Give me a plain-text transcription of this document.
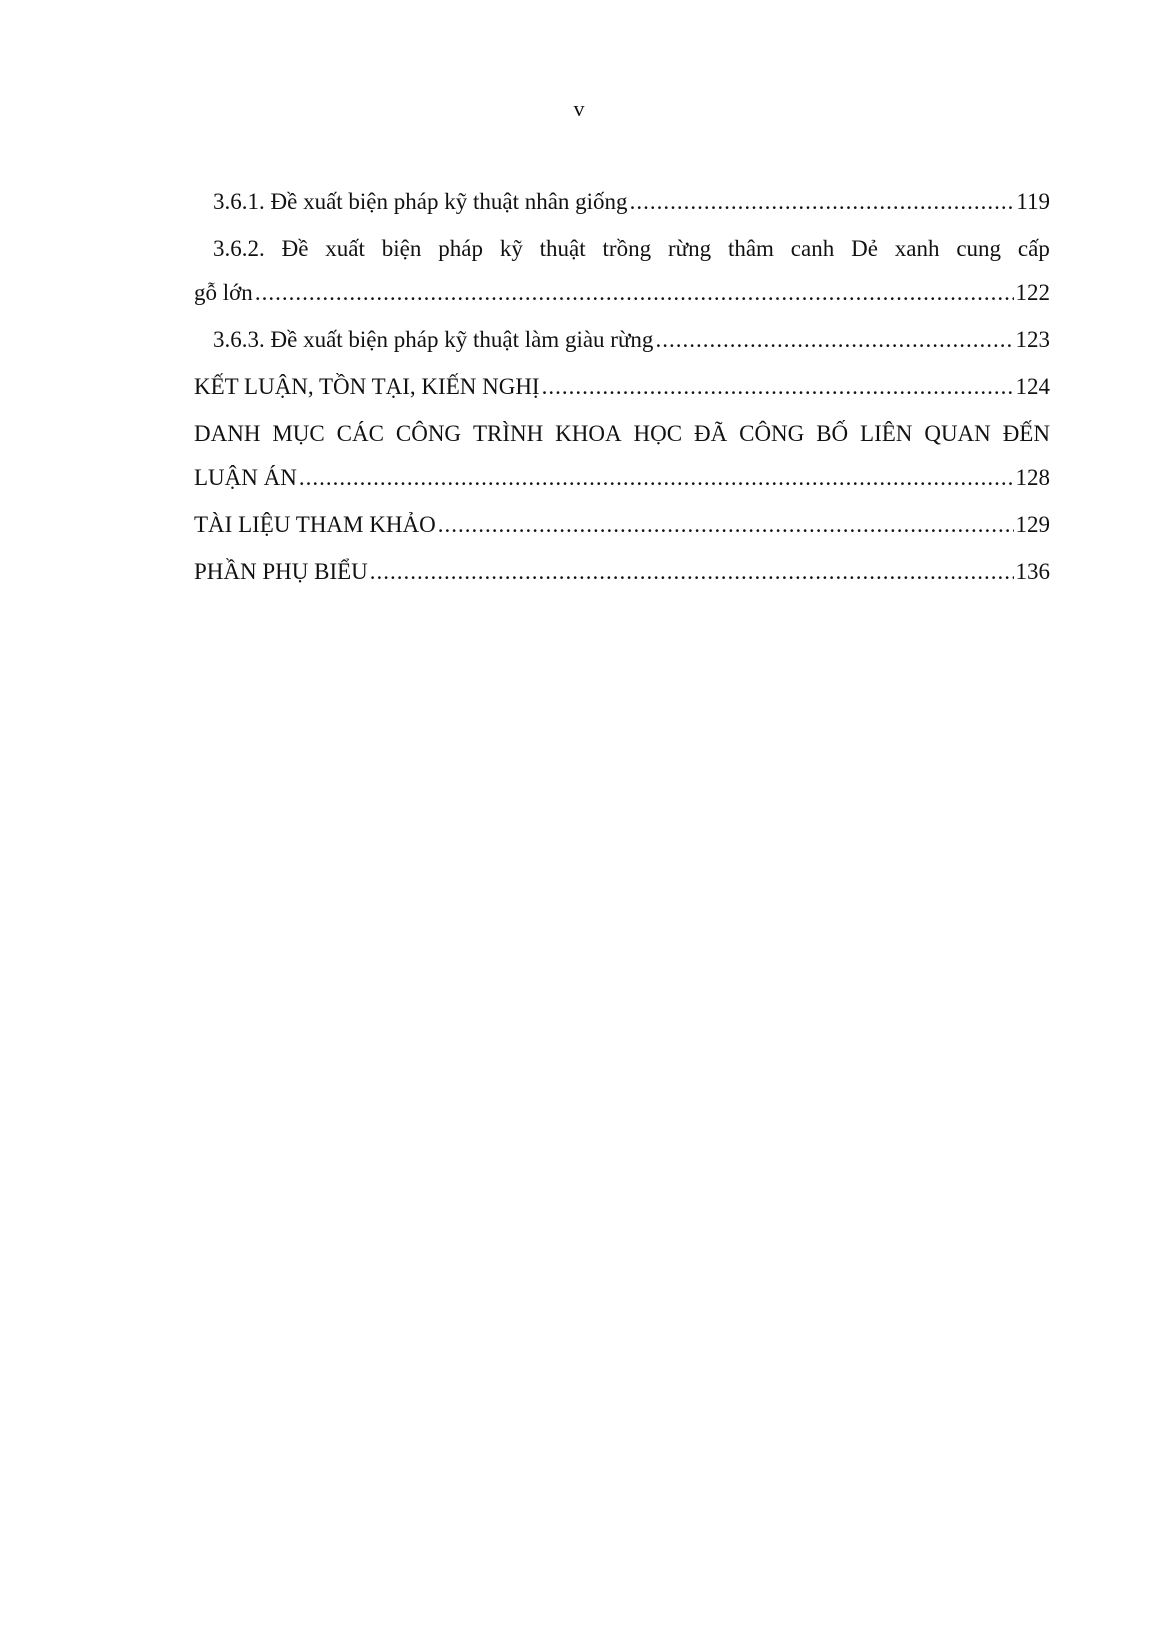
v
3.6.1. Đề xuất biện pháp kỹ thuật nhân giống .....	119
3.6.2. Đề xuất biện pháp kỹ thuật trồng rừng thâm canh Dẻ xanh cung cấp
gỗ lớn .....	122
3.6.3. Đề xuất biện pháp kỹ thuật làm giàu rừng .....	123
KẾT LUẬN, TỒN TẠI, KIẾN NGHỊ .....	124
DANH MỤC CÁC CÔNG TRÌNH KHOA HỌC ĐÃ CÔNG BỐ LIÊN QUAN ĐẾN
LUẬN ÁN .....	128
TÀI LIỆU THAM KHẢO .....	129
PHẦN PHỤ BIỂU .....	136
